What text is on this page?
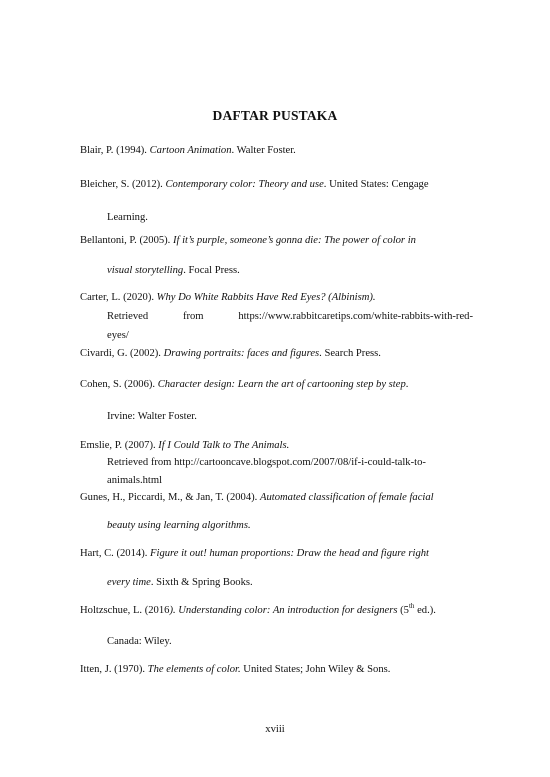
DAFTAR PUSTAKA
Blair, P. (1994). Cartoon Animation. Walter Foster.
Bleicher, S. (2012). Contemporary color: Theory and use. United States: Cengage
Learning.
Bellantoni, P. (2005). If it’s purple, someone’s gonna die: The power of color in
visual storytelling. Focal Press.
Carter, L. (2020). Why Do White Rabbits Have Red Eyes? (Albinism).
Retrieved from https://www.rabbitcaretips.com/white-rabbits-with-red-
eyes/
Civardi, G. (2002). Drawing portraits: faces and figures. Search Press.
Cohen, S. (2006). Character design: Learn the art of cartooning step by step.
Irvine: Walter Foster.
Emslie, P. (2007). If I Could Talk to The Animals.
Retrieved from http://cartooncave.blogspot.com/2007/08/if-i-could-talk-to-
animals.html
Gunes, H., Piccardi, M., & Jan, T. (2004). Automated classification of female facial
beauty using learning algorithms.
Hart, C. (2014). Figure it out! human proportions: Draw the head and figure right
every time. Sixth & Spring Books.
Holtzschue, L. (2016). Understanding color: An introduction for designers (5th ed.).
Canada: Wiley.
Itten, J. (1970). The elements of color. United States; John Wiley & Sons.
xviii
